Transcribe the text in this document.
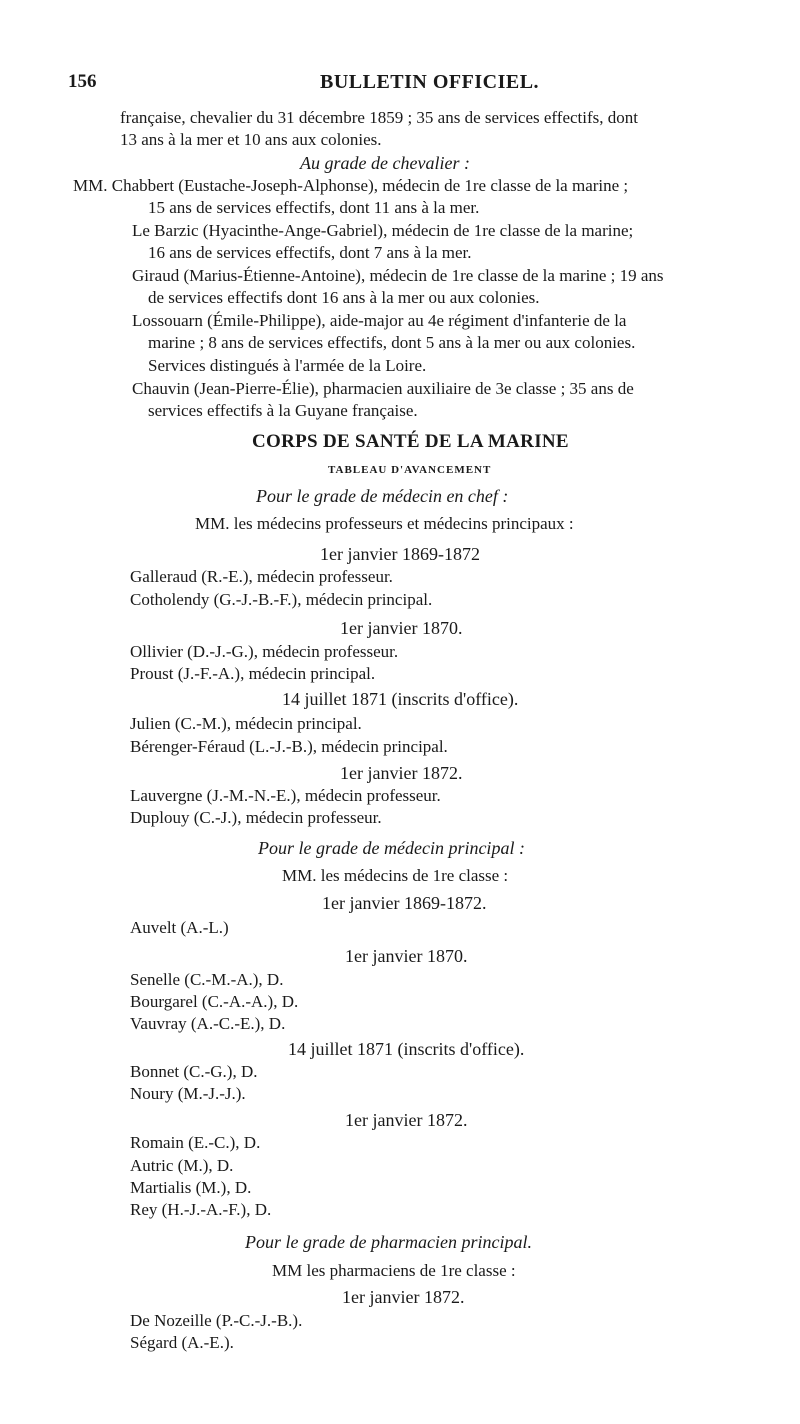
156	BULLETIN OFFICIEL.
française, chevalier du 31 décembre 1859 ; 35 ans de services effectifs, dont
13 ans à la mer et 10 ans aux colonies.
Au grade de chevalier :
MM. Chabbert (Eustache-Joseph-Alphonse), médecin de 1re classe de la marine ;
15 ans de services effectifs, dont 11 ans à la mer.
Le Barzic (Hyacinthe-Ange-Gabriel), médecin de 1re classe de la marine;
16 ans de services effectifs, dont 7 ans à la mer.
Giraud (Marius-Étienne-Antoine), médecin de 1re classe de la marine ; 19 ans
de services effectifs dont 16 ans à la mer ou aux colonies.
Lossouarn (Émile-Philippe), aide-major au 4e régiment d'infanterie de la
marine ; 8 ans de services effectifs, dont 5 ans à la mer ou aux colonies.
Services distingués à l'armée de la Loire.
Chauvin (Jean-Pierre-Élie), pharmacien auxiliaire de 3e classe ; 35 ans de
services effectifs à la Guyane française.
CORPS DE SANTÉ DE LA MARINE
TABLEAU D'AVANCEMENT
Pour le grade de médecin en chef :
MM. les médecins professeurs et médecins principaux :
1er janvier 1869-1872
Galleraud (R.-E.), médecin professeur.
Cotholendy (G.-J.-B.-F.), médecin principal.
1er janvier 1870.
Ollivier (D.-J.-G.), médecin professeur.
Proust (J.-F.-A.), médecin principal.
14 juillet 1871 (inscrits d'office).
Julien (C.-M.), médecin principal.
Bérenger-Féraud (L.-J.-B.), médecin principal.
1er janvier 1872.
Lauvergne (J.-M.-N.-E.), médecin professeur.
Duplouy (C.-J.), médecin professeur.
Pour le grade de médecin principal :
MM. les médecins de 1re classe :
1er janvier 1869-1872.
Auvelt (A.-L.)
1er janvier 1870.
Senelle (C.-M.-A.), D.
Bourgarel (C.-A.-A.), D.
Vauvray (A.-C.-E.), D.
14 juillet 1871 (inscrits d'office).
Bonnet (C.-G.), D.
Noury (M.-J.-J.).
1er janvier 1872.
Romain (E.-C.), D.
Autric (M.), D.
Martialis (M.), D.
Rey (H.-J.-A.-F.), D.
Pour le grade de pharmacien principal.
MM les pharmaciens de 1re classe :
1er janvier 1872.
De Nozeille (P.-C.-J.-B.).
Ségard (A.-E.).
